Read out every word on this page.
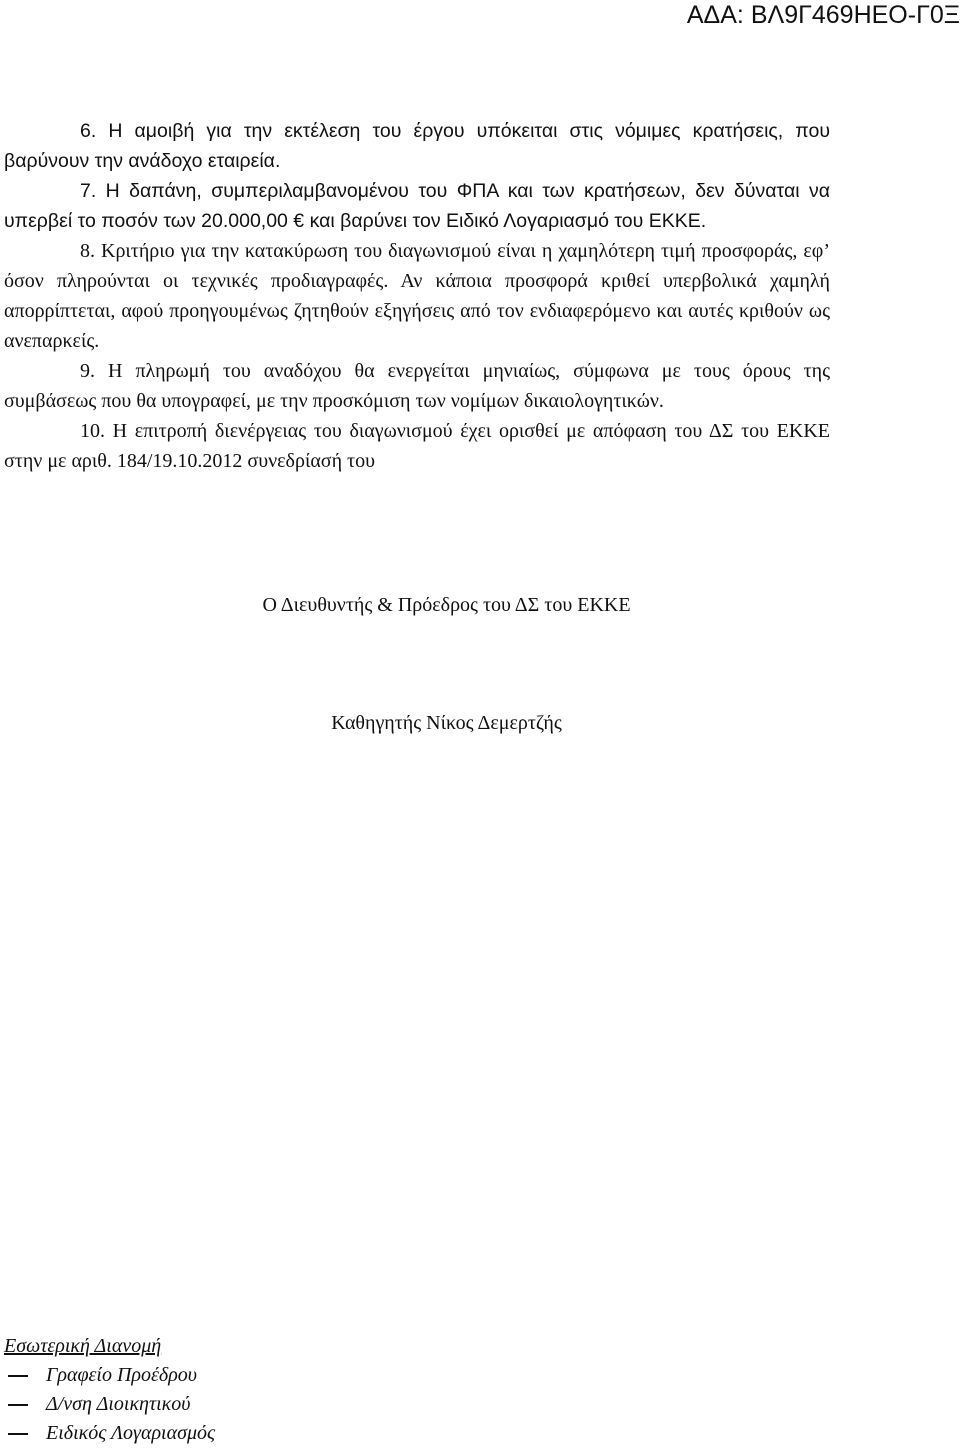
ΑΔΑ: ΒΛ9Γ469ΗΕΟ-Γ0Ξ

6. Η αμοιβή για την εκτέλεση του έργου υπόκειται στις νόμιμες κρατήσεις, που βαρύνουν την ανάδοχο εταιρεία.

7. Η δαπάνη, συμπεριλαμβανομένου του ΦΠΑ και των κρατήσεων, δεν δύναται να υπερβεί το ποσόν των 20.000,00 € και βαρύνει τον Ειδικό Λογαριασμό του ΕΚΚΕ.

8. Κριτήριο για την κατακύρωση του διαγωνισμού είναι η χαμηλότερη τιμή προσφοράς, εφ’ όσον πληρούνται οι τεχνικές προδιαγραφές. Αν κάποια προσφορά κριθεί υπερβολικά χαμηλή απορρίπτεται, αφού προηγουμένως ζητηθούν εξηγήσεις από τον ενδιαφερόμενο και αυτές κριθούν ως ανεπαρκείς.

9. Η πληρωμή του αναδόχου θα ενεργείται μηνιαίως, σύμφωνα με τους όρους της συμβάσεως που θα υπογραφεί, με την προσκόμιση των νομίμων δικαιολογητικών.

10. Η επιτροπή διενέργειας του διαγωνισμού έχει ορισθεί με απόφαση του ΔΣ του ΕΚΚΕ στην με αριθ. 184/19.10.2012 συνεδρίασή του

Ο Διευθυντής & Πρόεδρος του ΔΣ του ΕΚΚΕ
Καθηγητής Νίκος Δεμερτζής

Εσωτερική Διανομή

Γραφείο Προέδρου
Δ/νση Διοικητικού
Ειδικός Λογαριασμός
